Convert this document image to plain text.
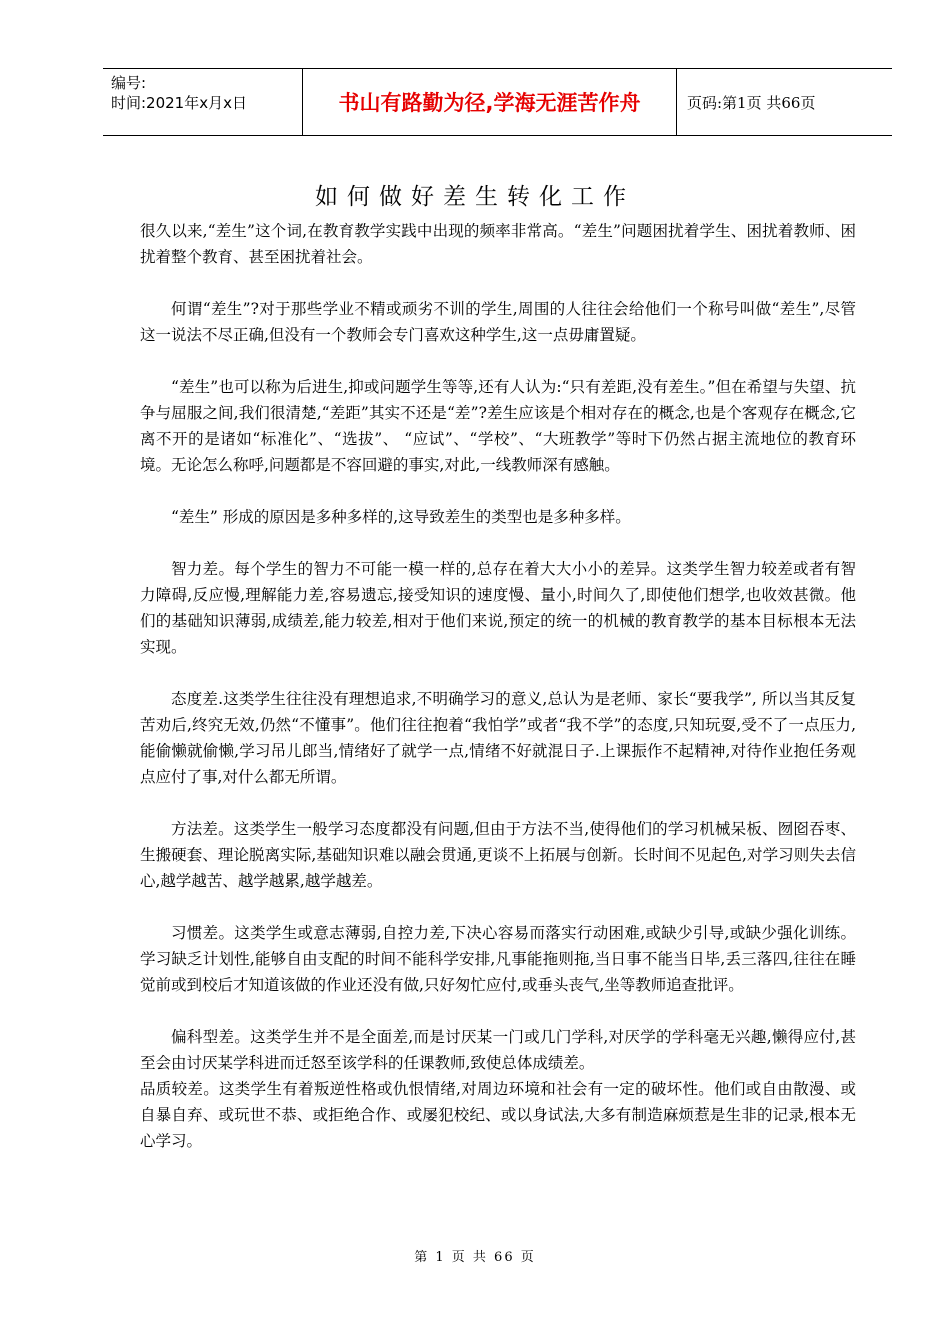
编号:
时间:2021年x月x日	书山有路勤为径,学海无涯苦作舟	页码:第1页 共66页
如何做好差生转化工作

很久以来,“差生”这个词,在教育教学实践中出现的频率非常高。“差生”问题困扰着学生、困扰着教师、困扰着整个教育、甚至困扰着社会。

何谓“差生”?对于那些学业不精或顽劣不训的学生,周围的人往往会给他们一个称号叫做“差生”,尽管这一说法不尽正确,但没有一个教师会专门喜欢这种学生,这一点毋庸置疑。

“差生”也可以称为后进生,抑或问题学生等等,还有人认为:“只有差距,没有差生。”但在希望与失望、抗争与屈服之间,我们很清楚,“差距”其实不还是“差”?差生应该是个相对存在的概念,也是个客观存在概念,它离不开的是诸如“标准化”、“选拔”、 “应试”、“学校”、“大班教学”等时下仍然占据主流地位的教育环境。无论怎么称呼,问题都是不容回避的事实,对此,一线教师深有感触。

“差生” 形成的原因是多种多样的,这导致差生的类型也是多种多样。

智力差。每个学生的智力不可能一模一样的,总存在着大大小小的差异。这类学生智力较差或者有智力障碍,反应慢,理解能力差,容易遗忘,接受知识的速度慢、量小,时间久了,即使他们想学,也收效甚微。他们的基础知识薄弱,成绩差,能力较差,相对于他们来说,预定的统一的机械的教育教学的基本目标根本无法实现。

态度差.这类学生往往没有理想追求,不明确学习的意义,总认为是老师、家长“要我学”, 所以当其反复苦劝后,终究无效,仍然“不懂事”。他们往往抱着“我怕学”或者“我不学”的态度,只知玩耍,受不了一点压力,能偷懒就偷懒,学习吊儿郎当,情绪好了就学一点,情绪不好就混日子.上课振作不起精神,对待作业抱任务观点应付了事,对什么都无所谓。

方法差。这类学生一般学习态度都没有问题,但由于方法不当,使得他们的学习机械呆板、囫囵吞枣、生搬硬套、理论脱离实际,基础知识难以融会贯通,更谈不上拓展与创新。长时间不见起色,对学习则失去信心,越学越苦、越学越累,越学越差。

习惯差。这类学生或意志薄弱,自控力差,下决心容易而落实行动困难,或缺少引导,或缺少强化训练。学习缺乏计划性,能够自由支配的时间不能科学安排,凡事能拖则拖,当日事不能当日毕,丢三落四,往往在睡觉前或到校后才知道该做的作业还没有做,只好匆忙应付,或垂头丧气,坐等教师追查批评。

偏科型差。这类学生并不是全面差,而是讨厌某一门或几门学科,对厌学的学科毫无兴趣,懒得应付,甚至会由讨厌某学科进而迁怒至该学科的任课教师,致使总体成绩差。

品质较差。这类学生有着叛逆性格或仇恨情绪,对周边环境和社会有一定的破坏性。他们或自由散漫、或自暴自弃、或玩世不恭、或拒绝合作、或屡犯校纪、或以身试法,大多有制造麻烦惹是生非的记录,根本无心学习。

第 1 页 共 66 页
